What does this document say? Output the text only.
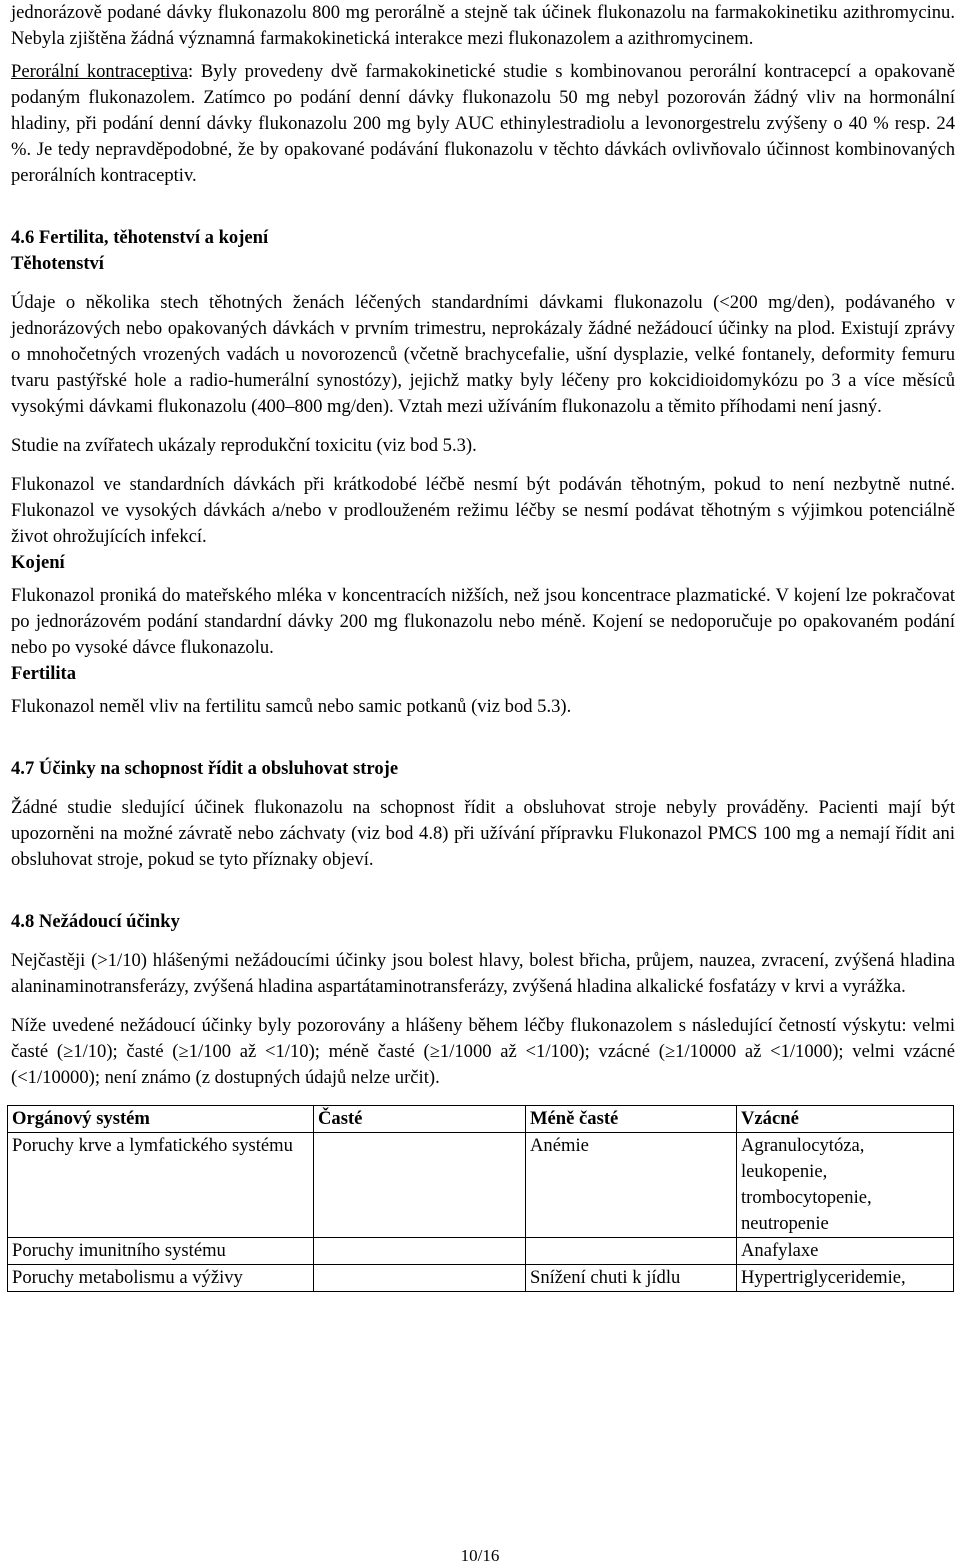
jednorázově podané dávky flukonazolu 800 mg perorálně a stejně tak účinek flukonazolu na farmakokinetiku azithromycinu. Nebyla zjištěna žádná významná farmakokinetická interakce mezi flukonazolem a azithromycinem.

Perorální kontraceptiva: Byly provedeny dvě farmakokinetické studie s kombinovanou perorální kontracepcí a opakovaně podaným flukonazolem. Zatímco po podání denní dávky flukonazolu 50 mg nebyl pozorován žádný vliv na hormonální hladiny, při podání denní dávky flukonazolu 200 mg byly AUC ethinylestradiolu a levonorgestrelu zvýšeny o 40 % resp. 24 %. Je tedy nepravděpodobné, že by opakované podávání flukonazolu v těchto dávkách ovlivňovalo účinnost kombinovaných perorálních kontraceptiv.

4.6 Fertilita, těhotenství a kojení

Těhotenství

Údaje o několika stech těhotných ženách léčených standardními dávkami flukonazolu (<200 mg/den), podávaného v jednorázových nebo opakovaných dávkách v prvním trimestru, neprokázaly žádné nežádoucí účinky na plod. Existují zprávy o mnohočetných vrozených vadách u novorozenců (včetně brachycefalie, ušní dysplazie, velké fontanely, deformity femuru tvaru pastýřské hole a radio-humerální synostózy), jejichž matky byly léčeny pro kokcidioidomykózu po 3 a více měsíců vysokými dávkami flukonazolu (400–800 mg/den). Vztah mezi užíváním flukonazolu a těmito příhodami není jasný.

Studie na zvířatech ukázaly reprodukční toxicitu (viz bod 5.3).

Flukonazol ve standardních dávkách při krátkodobé léčbě nesmí být podáván těhotným, pokud to není nezbytně nutné. Flukonazol ve vysokých dávkách a/nebo v prodlouženém režimu léčby se nesmí podávat těhotným s výjimkou potenciálně život ohrožujících infekcí.

Kojení

Flukonazol proniká do mateřského mléka v koncentracích nižších, než jsou koncentrace plazmatické. V kojení lze pokračovat po jednorázovém podání standardní dávky 200 mg flukonazolu nebo méně. Kojení se nedoporučuje po opakovaném podání nebo po vysoké dávce flukonazolu.

Fertilita

Flukonazol neměl vliv na fertilitu samců nebo samic potkanů (viz bod 5.3).

4.7 Účinky na schopnost řídit a obsluhovat stroje

Žádné studie sledující účinek flukonazolu na schopnost řídit a obsluhovat stroje nebyly prováděny. Pacienti mají být upozorněni na možné závratě nebo záchvaty (viz bod 4.8) při užívání přípravku Flukonazol PMCS 100 mg a nemají řídit ani obsluhovat stroje, pokud se tyto příznaky objeví.

4.8 Nežádoucí účinky

Nejčastěji (>1/10) hlášenými nežádoucími účinky jsou bolest hlavy, bolest břicha, průjem, nauzea, zvracení, zvýšená hladina alaninaminotransferázy, zvýšená hladina aspartátaminotransferázy, zvýšená hladina alkalické fosfatázy v krvi a vyrážka.

Níže uvedené nežádoucí účinky byly pozorovány a hlášeny během léčby flukonazolem s následující četností výskytu: velmi časté (≥1/10); časté (≥1/100 až <1/10); méně časté (≥1/1000 až <1/100); vzácné (≥1/10000 až <1/1000); velmi vzácné (<1/10000); není známo (z dostupných údajů nelze určit).

Orgánový systém	Časté	Méně časté	Vzácné
Poruchy krve a lymfatického systému		Anémie	Agranulocytóza, leukopenie, trombocytopenie, neutropenie
Poruchy imunitního systému			Anafylaxe
Poruchy metabolismu a výživy		Snížení chuti k jídlu	Hypertriglyceridemie,
10/16
